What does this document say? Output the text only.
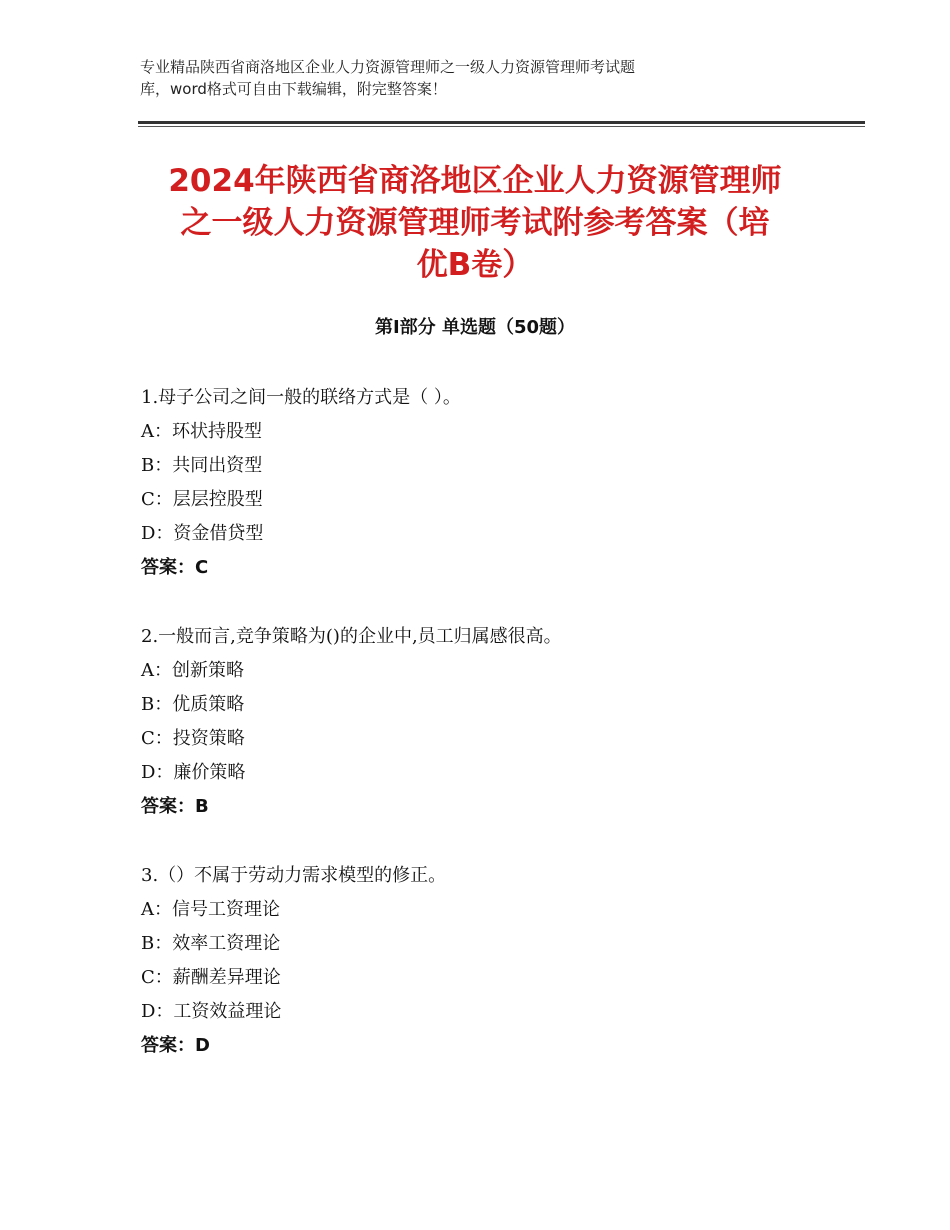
专业精品陕西省商洛地区企业人力资源管理师之一级人力资源管理师考试题
库，word格式可自由下载编辑，附完整答案！
2024年陕西省商洛地区企业人力资源管理师
之一级人力资源管理师考试附参考答案（培
优B卷）
第Ⅰ部分 单选题（50题）
1.母子公司之间一般的联络方式是（ ）。
A：环状持股型
B：共同出资型
C：层层控股型
D：资金借贷型
答案：C
2.一般而言,竞争策略为()的企业中,员工归属感很高。
A：创新策略
B：优质策略
C：投资策略
D：廉价策略
答案：B
3.（）不属于劳动力需求模型的修正。
A：信号工资理论
B：效率工资理论
C：薪酬差异理论
D：工资效益理论
答案：D
